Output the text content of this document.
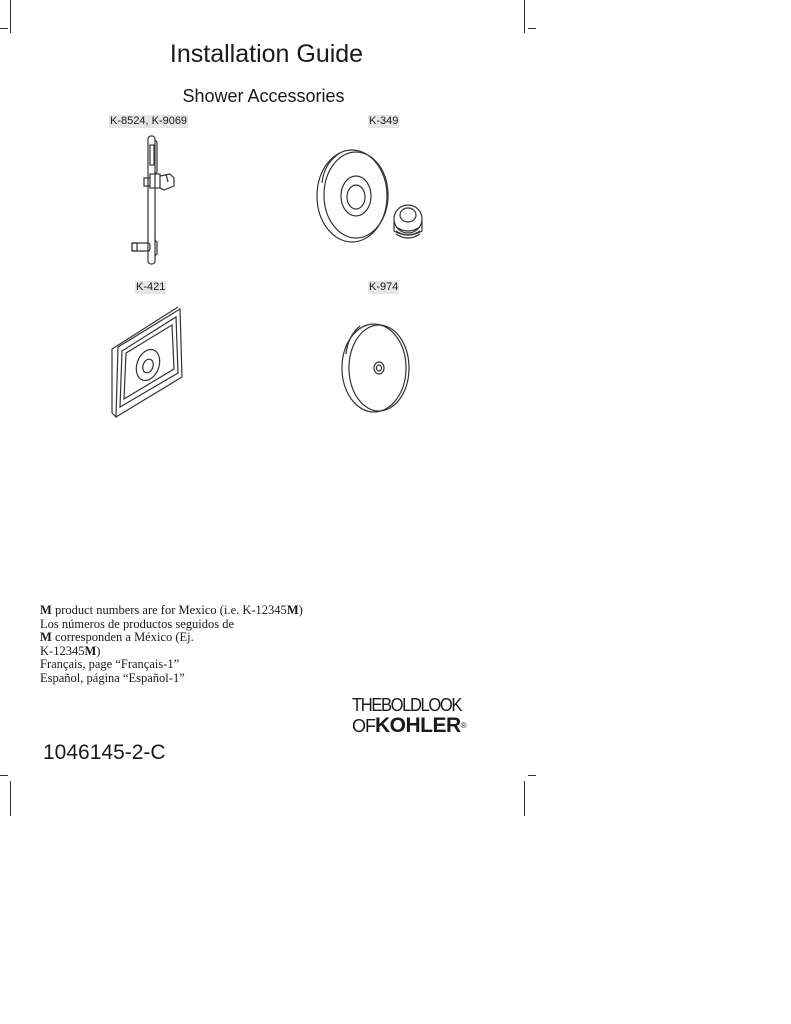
Installation Guide
Shower Accessories
K-8524, K-9069	K-349
K-421	K-974
M product numbers are for Mexico (i.e. K-12345M)
Los números de productos seguidos de
M corresponden a México (Ej.
K-12345M)
Français, page “Français-1”
Español, página “Español-1”
THEBOLDLOOK
OFKOHLER®
1046145-2-C
